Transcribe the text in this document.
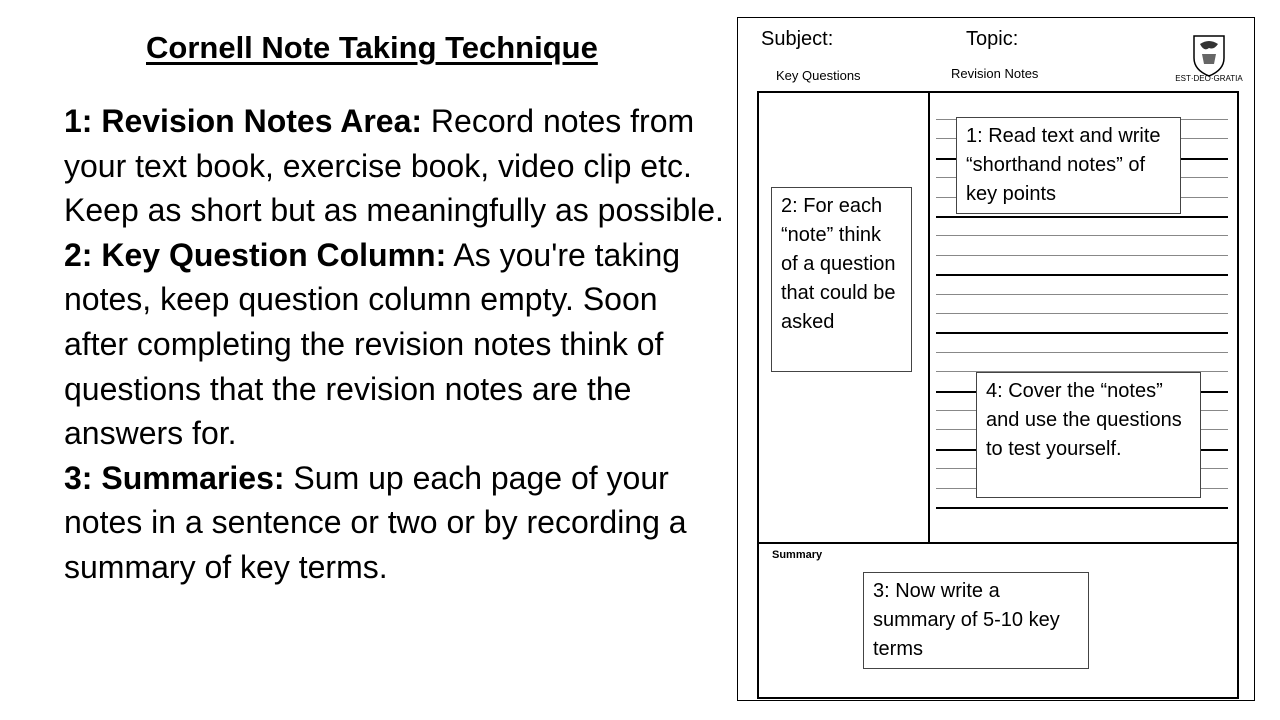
Cornell Note Taking Technique

1: Revision Notes Area: Record notes from your text book, exercise book, video clip etc. Keep as short but as meaningfully as possible.

2: Key Question Column: As you're taking notes, keep question column empty. Soon after completing the revision notes think of questions that the revision notes are the answers for.

3: Summaries: Sum up each page of your notes in a sentence or two or by recording a summary of key terms.

Subject:	Topic:
Key Questions	Revision Notes	EST·DEO·GRATIA
Summary
1: Read text and write “shorthand notes” of key points
2: For each “note” think of a question that could be asked
4: Cover the “notes” and use the questions to test yourself.
3: Now write a summary of 5-10 key terms
